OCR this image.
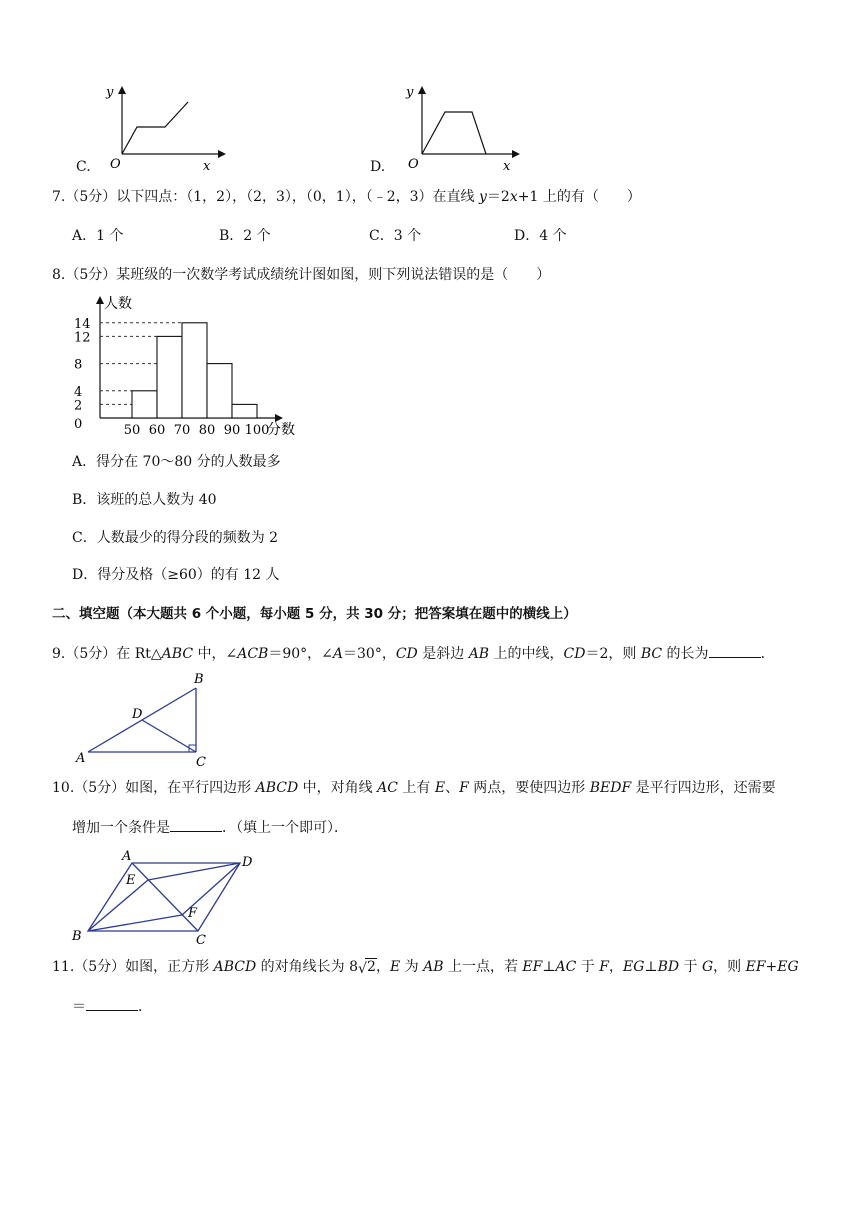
C.
y
O	x	D.
y
O	x
7.（5分）以下四点：（1，2），（2，3），（0，1），（﹣2，3）在直线 y＝2x+1 上的有（　　）
A．1 个	B．2 个	C．3 个	D．4 个
8.（5分）某班级的一次数学考试成绩统计图如图，则下列说法错误的是（　　）
人数
分数
0
2
4
8
12
14
50 60 70 80 90 100
A．得分在 70～80 分的人数最多
B．该班的总人数为 40
C．人数最少的得分段的频数为 2
D．得分及格（≥60）的有 12 人
二、填空题（本大题共 6 个小题，每小题 5 分，共 30 分；把答案填在题中的横线上）
9.（5分）在 Rt△ABC 中，∠ACB＝90°，∠A＝30°，CD 是斜边 AB 上的中线，CD＝2，则 BC 的长为	．
A
B
C
D
10.（5分）如图，在平行四边形 ABCD 中，对角线 AC 上有 E、F 两点，要使四边形 BEDF 是平行四边形，还需要
增加一个条件是	．（填上一个即可）．
A	D
E
F
B	C
11.（5分）如图，正方形 ABCD 的对角线长为 8 √ 2，E 为 AB 上一点，若 EF⊥AC 于 F，EG⊥BD 于 G，则 EF+EG
＝	．
